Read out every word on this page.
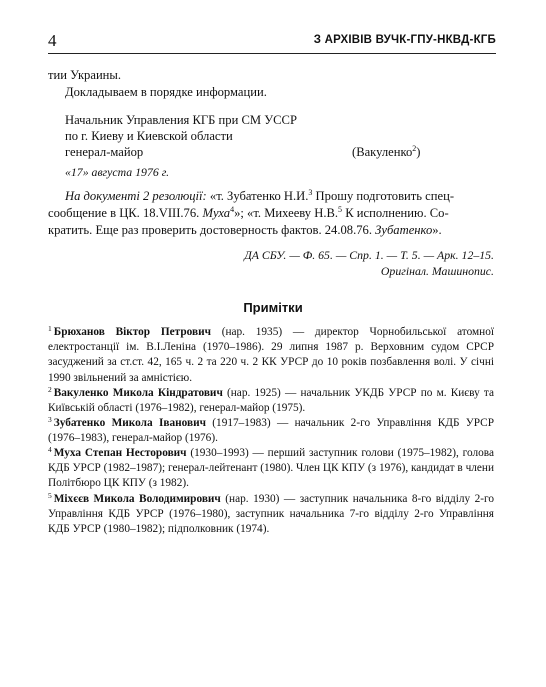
4	З АРХІВІВ ВУЧК-ГПУ-НКВД-КГБ
тии Украины.
Докладываем в порядке информации.
Начальник Управления КГБ при СМ УССР
по г. Киеву и Киевской области
генерал-майор	(Вакуленко$^2$)
«17» августа 1976 г.
На документі 2 резолюції: «т. Зубатенко Н.И.$^3$ Прошу подготовить спец-
сообщение в ЦК. 18.VIII.76. Муха$^4$»; «т. Михееву Н.В.$^5$ К исполнению. Со-
кратить. Еще раз проверить достоверность фактов. 24.08.76. Зубатенко».
ДА СБУ. — Ф. 65. — Спр. 1. — Т. 5. — Арк. 12–15.
Оригінал. Машинопис.
Примітки

$^1$ Брюханов Віктор Петрович (нар. 1935) — директор Чорнобильської атомної електростанції ім. В.І.Леніна (1970–1986). 29 липня 1987 р. Верховним судом СРСР засуджений за ст.ст. 42, 165 ч. 2 та 220 ч. 2 КК УРСР до 10 років позбавлення волі. У січні 1990 звільнений за амністією.

$^2$ Вакуленко Микола Кіндратович (нар. 1925) — начальник УКДБ УРСР по м. Києву та Київській області (1976–1982), генерал-майор (1975).

$^3$ Зубатенко Микола Іванович (1917–1983) — начальник 2-го Управління КДБ УРСР (1976–1983), генерал-майор (1976).

$^4$ Муха Степан Несторович (1930–1993) — перший заступник голови (1975–1982), голова КДБ УРСР (1982–1987); генерал-лейтенант (1980). Член ЦК КПУ (з 1976), кандидат в члени Політбюро ЦК КПУ (з 1982).

$^5$ Міхєєв Микола Володимирович (нар. 1930) — заступник начальника 8-го відділу 2-го Управління КДБ УРСР (1976–1980), заступник начальника 7-го відділу 2-го Управління КДБ УРСР (1980–1982); підполковник (1974).
